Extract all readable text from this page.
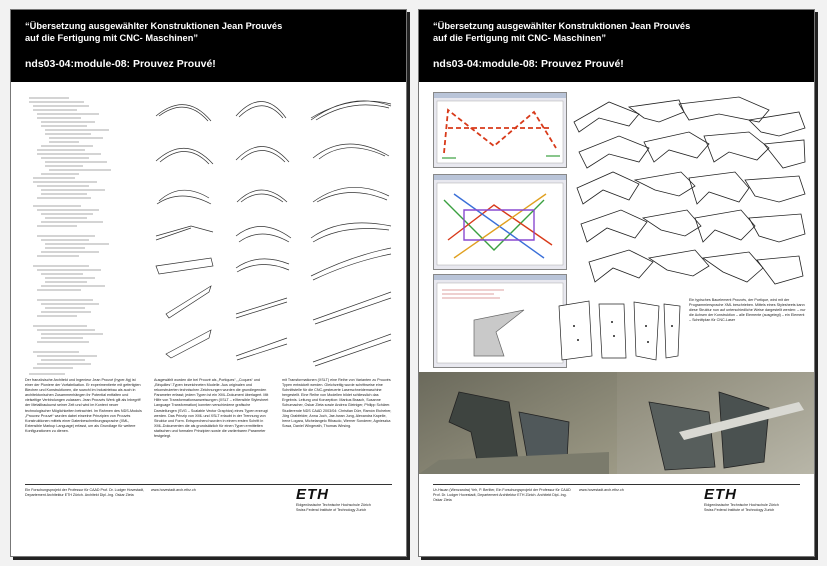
“Übersetzung ausgewählter Konstruktionen Jean Prouvés
auf die Fertigung mit CNC- Maschinen”

nds03-04:module-08: Prouvez Prouvé!

Der französische Architekt und Ingenieur Jean Prouvé (hyper-fig) ist einer der Pioniere der Vorfabrikation. Er experimentierte mit gefertigten Blechen und Konstruktionen, die sowohl im Industriebau als auch in architektonischen Zusammenhängen ihr Potential entfalten und vielseitige Verbindungen zulassen. Jean Prouvés Werk gilt als Inbegriff der Metallbaukunst seiner Zeit und wird im Kontext neuer technologischer Möglichkeiten betrachtet. Im Rahmen des NDS-Moduls „Prouvez Prouvé“ wurden dabei einzelne Prinzipien von Prouvés Konstruktionen mittels einer Datenbeschreibungssprache (XML, Extensible Markup Language) erfasst, um als Grundlage für weitere Konfigurationen zu dienen.

Ausgewählt wurden die bei Prouvé als „Portiques“, „Coques“ und „Béquilles“-Typen bezeichneten Modelle. Aus originalen und rekonstruierten technischen Zeichnungen wurden die grundlegenden Parameter erfasst; jedem Typen ist ein XML-Dokument überlagert. Mit Hilfe von Transformationsanweisungen (XSLT – eXtensible Stylesheet Language Transformation) konnten verschiedene grafische Darstellungen (SVG – Scalable Vector Graphics) eines Typen erzeugt werden. Das Prinzip von XML und XSLT erlaubt in der Trennung von Struktur und Form. Entsprechend wurden in einem ersten Schritt in XML-Dokumenten die als grundsätzlich für einen Typen ermittelten statischen und formalen Prinzipien sowie die variierbaren Parameter festgelegt.

mit Transformationen (XSLT) eine Reihe von Varianten zu Prouvés Typen entwickelt werden. Gleichzeitig wurde schrittweise eine Schnittstelle für die CNC-gesteuerte Laserschneidemaschine hergestellt. Eine Reihe von Modellen bildet schliesslich das Ergebnis. Leitung und Konzeption: Markus Braach, Susanne Schumacher, Oskar Zieta sowie Andrea Gleiniger, Philipp Schärer. Studierende NDS CAAD 2003/04: Christian Dürr, Ramón Etcheber, Jörg Grabfelder, Anna Joch, Jae-hwan Jung, Alexandra Kapelle, Irene Logara, Michelangelo Ribaudo, Werner Sonderer, Agnieszka Sowa, Daniel Wingerath, Thomas Wirsing.

Ein Forschungsprojekt der Professur für CAAD Prof. Dr. Ludger Hovestadt, Departement Architektur ETH Zürich. Architekt Dipl.-Ing. Oskar Zieta

www.hovestadt.arch.ethz.ch	ETH

Eidgenössische Technische Hochschule Zürich
Swiss Federal Institute of Technology Zurich

“Übersetzung ausgewählter Konstruktionen Jean Prouvés
auf die Fertigung mit CNC- Maschinen”

nds03-04:module-08: Prouvez Prouvé!

Ein typisches Bauelement Prouvés, der Portique, wird mit der Programmiersprache XML beschrieben. Mittels eines Stylesheets kann diese Struktur nun auf unterschiedliche Weise dargestellt werden: – nur die Achsen der Konstruktion – alle Elemente (ausgelegt) – ein Element – Schnittplan für CNC-Laser

Ur-Hsuan (Wenzandra) Yeh, P. Berliter, Ein Forschungsprojekt der Professur für CAAD Prof. Dr. Ludger Hovestadt, Departement Architektur ETH Zürich. Architekt Dipl.-Ing. Oskar Zieta

www.hovestadt.arch.ethz.ch	ETH

Eidgenössische Technische Hochschule Zürich
Swiss Federal Institute of Technology Zurich
